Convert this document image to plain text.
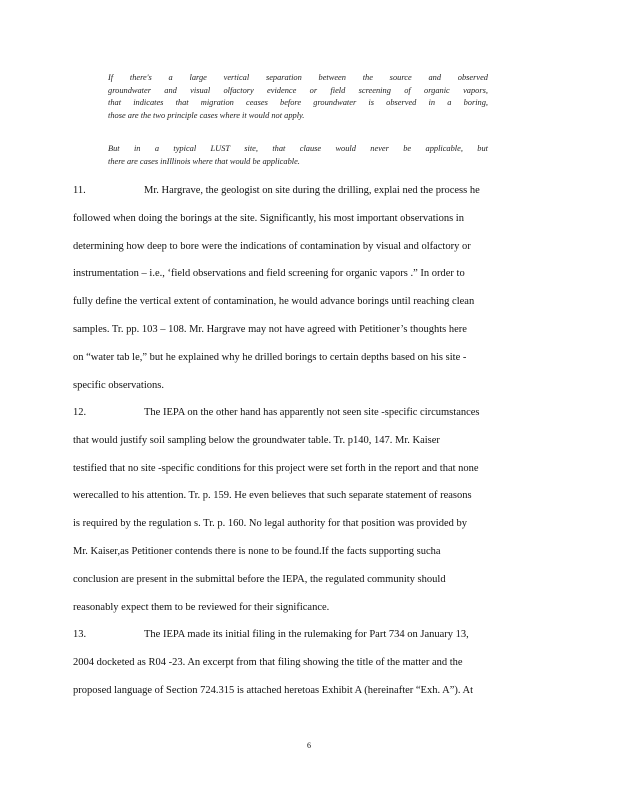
If there's a large vertical separation between the source and observed

groundwater and visual olfactory evidence or field screening of organic vapors,

that indicates that migration ceases before groundwater is observed in a boring,

those are the two principle cases where it would not apply.

But in a typical LUST site, that clause would never be applicable, but

there are cases inIllinois where that would be applicable.

11.	Mr. Hargrave, the geologist on site during the drilling, explai ned the process he

followed when doing the borings at the site. Significantly, his most important observations in

determining how deep to bore were the indications of contamination by visual and olfactory or

instrumentation – i.e., ‘field observations and field screening for organic vapors .” In order to

fully define the vertical extent of contamination, he would advance borings until reaching clean

samples. Tr. pp. 103 – 108. Mr. Hargrave may not have agreed with Petitioner’s thoughts here

on “water tab le,” but he explained why he drilled borings to certain depths based on his site -

specific observations.

12.	The IEPA on the other hand has apparently not seen site -specific circumstances

that would justify soil sampling below the groundwater table. Tr. p140, 147. Mr. Kaiser

testified that no site -specific conditions for this project were set forth in the report and that none

werecalled to his attention. Tr. p. 159. He even believes that such separate statement of reasons

is required by the regulation s. Tr. p. 160. No legal authority for that position was provided by

Mr. Kaiser,as Petitioner contends there is none to be found.If the facts supporting sucha

conclusion are present in the submittal before the IEPA, the regulated community should

reasonably expect them to be reviewed for their significance.

13.	The IEPA made its initial filing in the rulemaking for Part 734 on January 13,

2004 docketed as R04 -23. An excerpt from that filing showing the title of the matter and the

proposed language of Section 724.315 is attached heretoas Exhibit A (hereinafter “Exh. A”). At

6
